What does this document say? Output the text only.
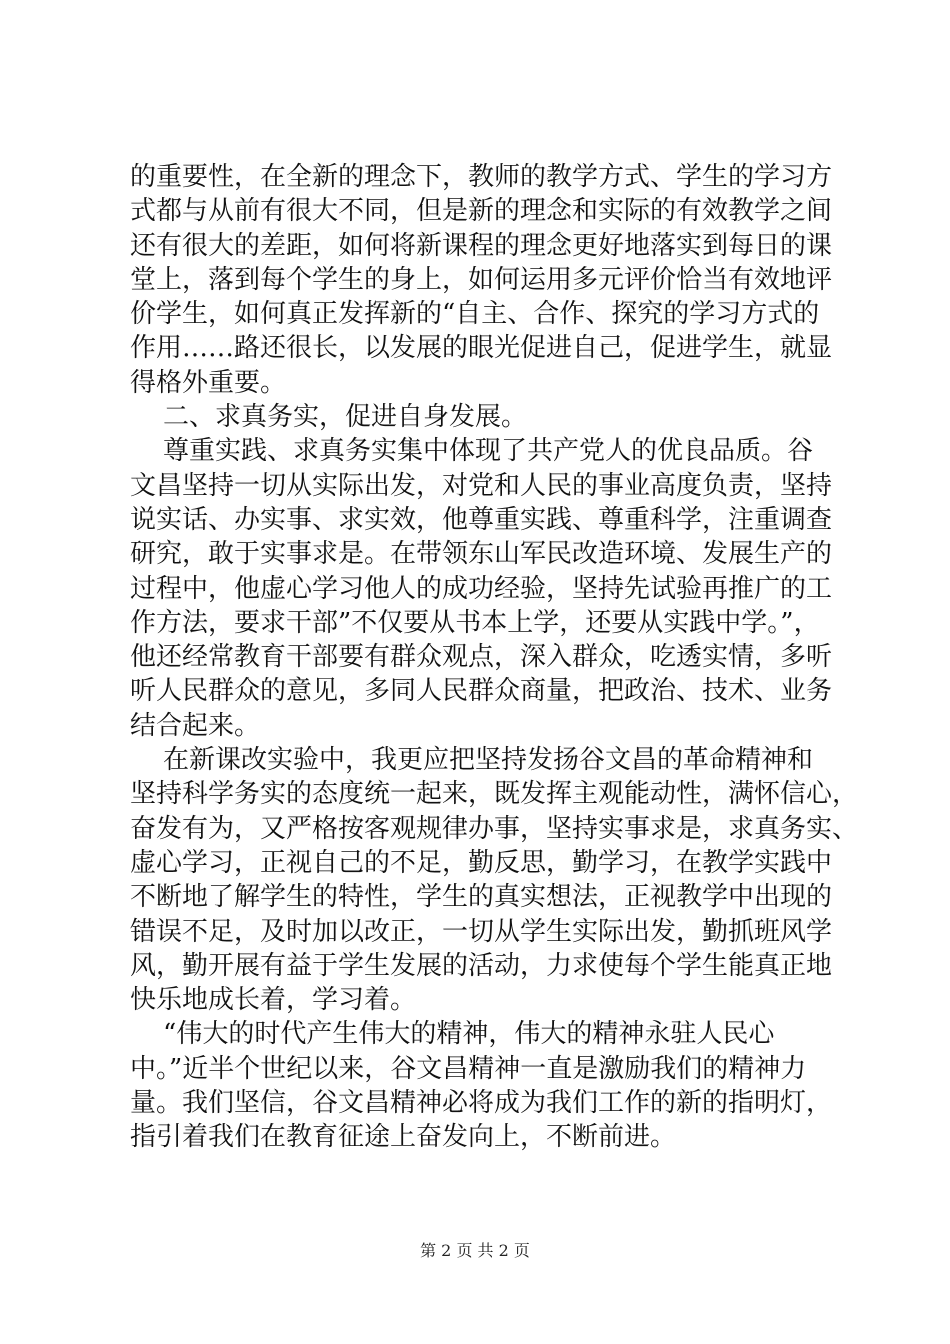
的重要性，在全新的理念下，教师的教学方式、学生的学习方
式都与从前有很大不同，但是新的理念和实际的有效教学之间
还有很大的差距，如何将新课程的理念更好地落实到每日的课
堂上，落到每个学生的身上，如何运用多元评价恰当有效地评
价学生，如何真正发挥新的“自主、合作、探究的学习方式的
作用……路还很长，以发展的眼光促进自己，促进学生，就显
得格外重要。
二、求真务实，促进自身发展。
尊重实践、求真务实集中体现了共产党人的优良品质。谷
文昌坚持一切从实际出发，对党和人民的事业高度负责，坚持
说实话、办实事、求实效，他尊重实践、尊重科学，注重调查
研究，敢于实事求是。在带领东山军民改造环境、发展生产的
过程中，他虚心学习他人的成功经验，坚持先试验再推广的工
作方法，要求干部”不仅要从书本上学，还要从实践中学。”，
他还经常教育干部要有群众观点，深入群众，吃透实情，多听
听人民群众的意见，多同人民群众商量，把政治、技术、业务
结合起来。
在新课改实验中，我更应把坚持发扬谷文昌的革命精神和
坚持科学务实的态度统一起来，既发挥主观能动性，满怀信心，
奋发有为，又严格按客观规律办事，坚持实事求是，求真务实、
虚心学习，正视自己的不足，勤反思，勤学习，在教学实践中
不断地了解学生的特性，学生的真实想法，正视教学中出现的
错误不足，及时加以改正，一切从学生实际出发，勤抓班风学
风，勤开展有益于学生发展的活动，力求使每个学生能真正地
快乐地成长着，学习着。
“伟大的时代产生伟大的精神，伟大的精神永驻人民心
中。”近半个世纪以来，谷文昌精神一直是激励我们的精神力
量。我们坚信，谷文昌精神必将成为我们工作的新的指明灯，
指引着我们在教育征途上奋发向上，不断前进。
第 2 页 共 2 页
